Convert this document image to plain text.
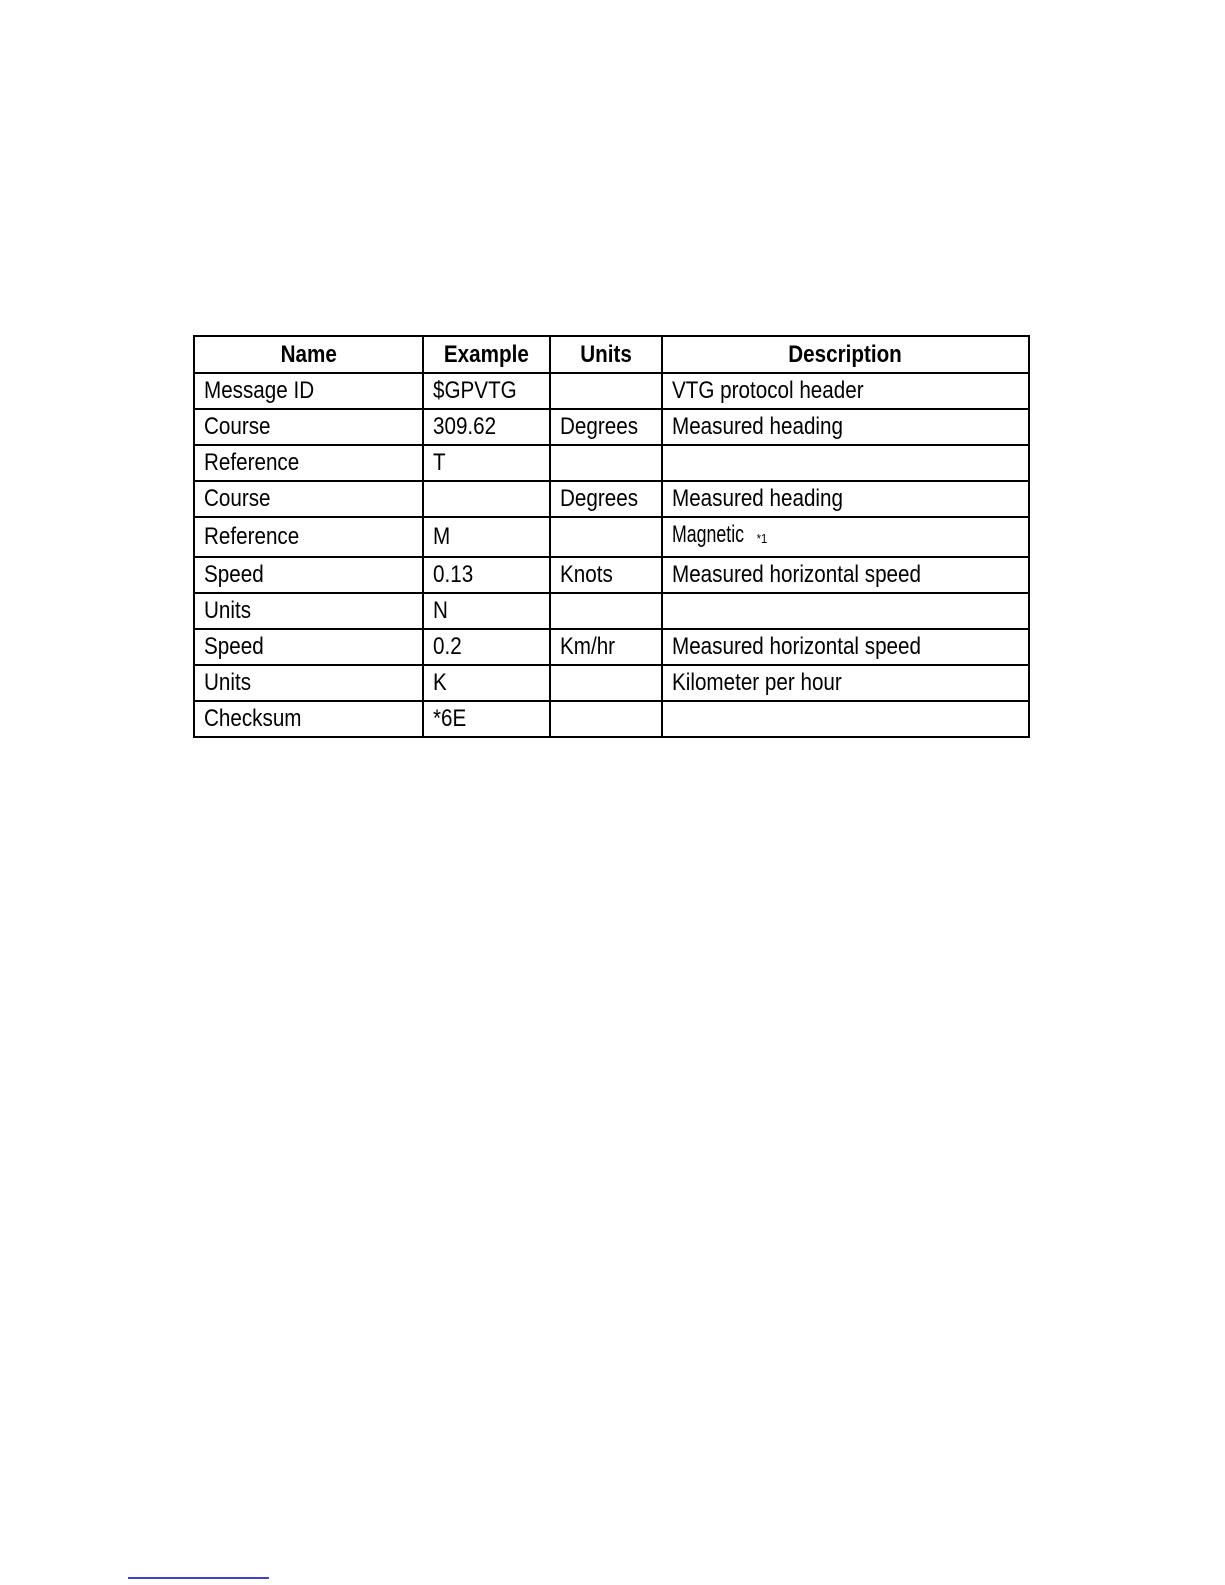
Name	Example	Units	Description
Message ID	$GPVTG		VTG protocol header
Course	309.62	Degrees	Measured heading
Reference	T		
Course		Degrees	Measured heading
Reference	M		Magnetic $^{*1}$
Speed	0.13	Knots	Measured horizontal speed
Units	N		
Speed	0.2	Km/hr	Measured horizontal speed
Units	K		Kilometer per hour
Checksum	*6E		
